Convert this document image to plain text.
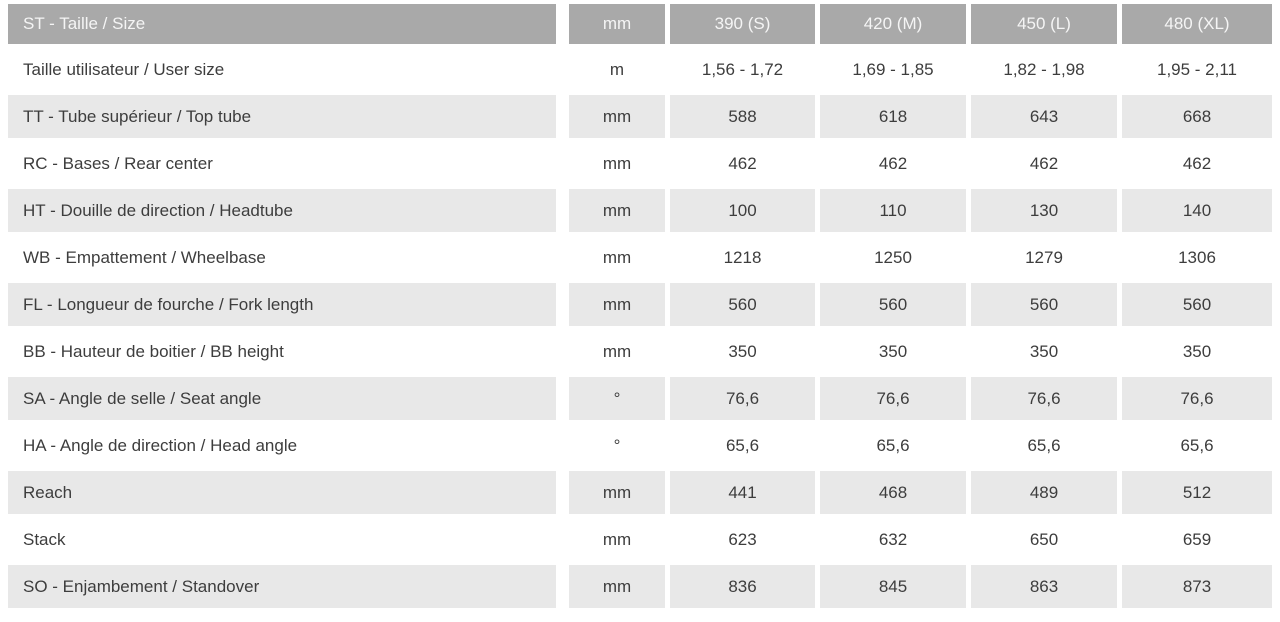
ST - Taille / Size	mm	390 (S)	420 (M)	450 (L)	480 (XL)
Taille utilisateur / User size	m	1,56 - 1,72	1,69 - 1,85	1,82 - 1,98	1,95 - 2,11
TT - Tube supérieur / Top tube	mm	588	618	643	668
RC - Bases / Rear center	mm	462	462	462	462
HT - Douille de direction / Headtube	mm	100	110	130	140
WB - Empattement / Wheelbase	mm	1218	1250	1279	1306
FL - Longueur de fourche / Fork length	mm	560	560	560	560
BB - Hauteur de boitier / BB height	mm	350	350	350	350
SA - Angle de selle / Seat angle	°	76,6	76,6	76,6	76,6
HA - Angle de direction / Head angle	°	65,6	65,6	65,6	65,6
Reach	mm	441	468	489	512
Stack	mm	623	632	650	659
SO - Enjambement / Standover	mm	836	845	863	873
